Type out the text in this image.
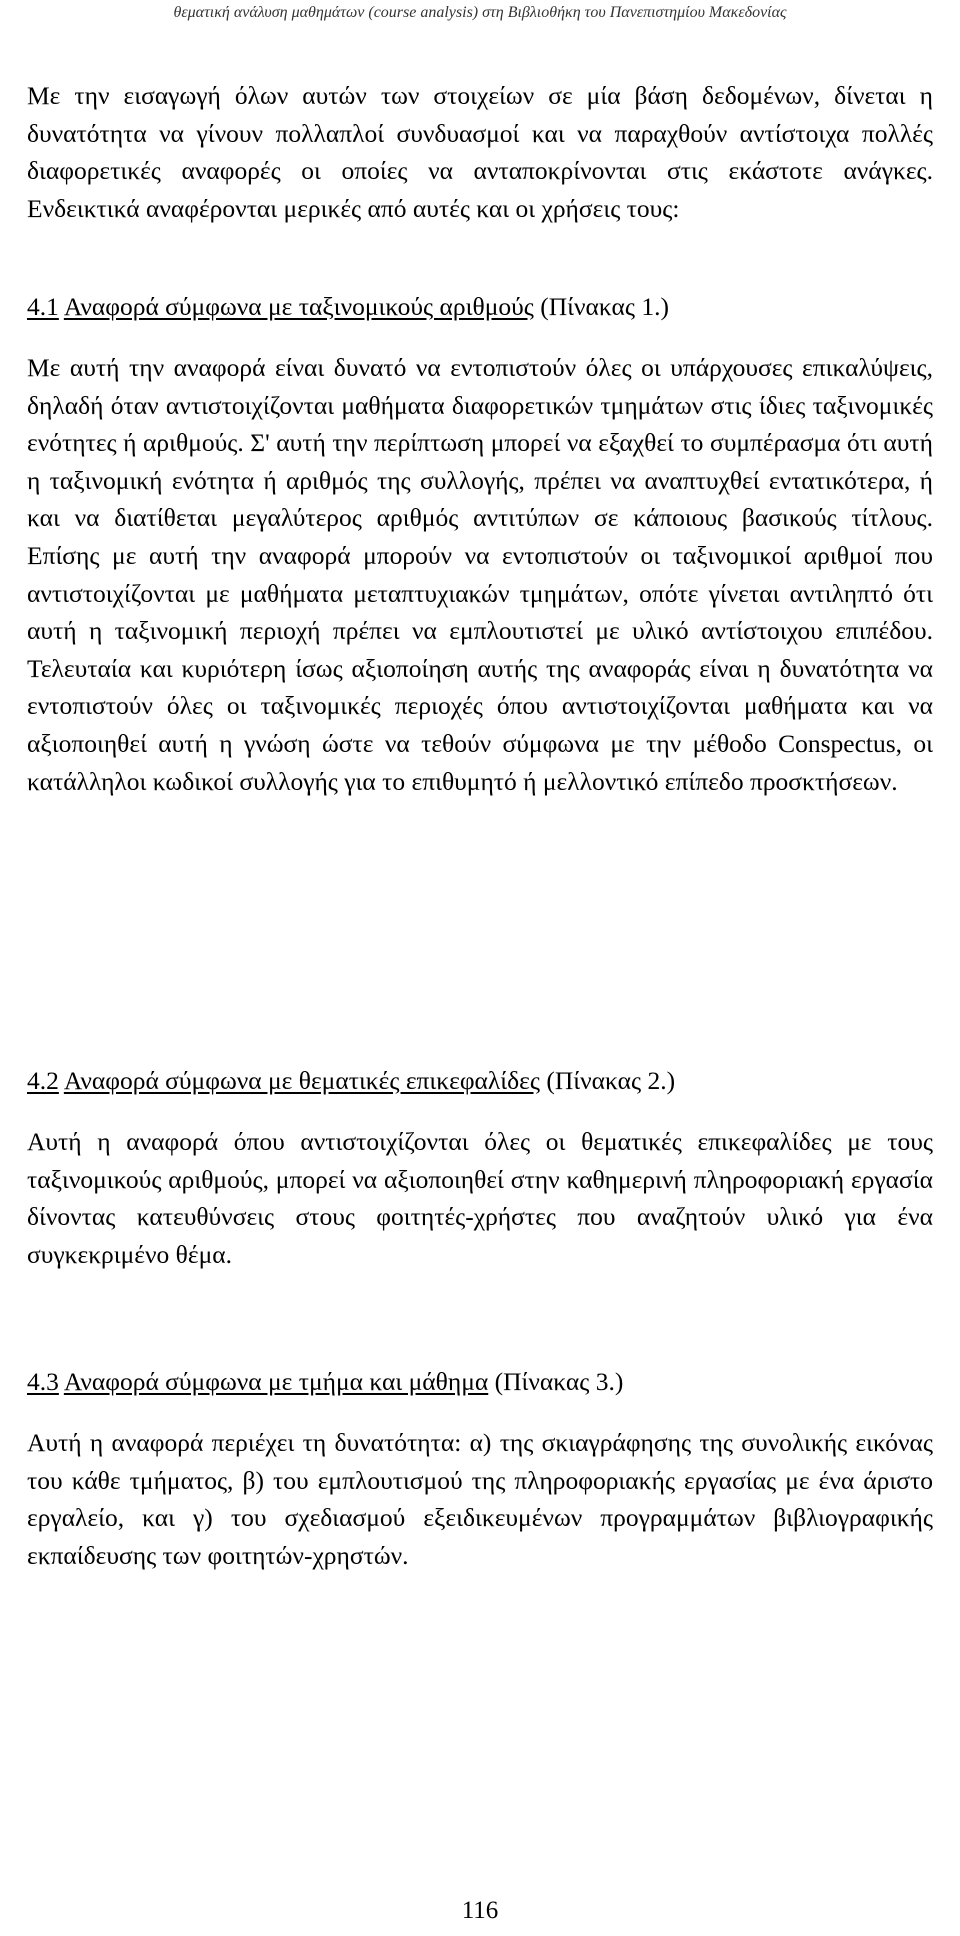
θεματική ανάλυση μαθημάτων (course analysis) στη Βιβλιοθήκη του Πανεπιστημίου Μακεδονίας

Με την εισαγωγή όλων αυτών των στοιχείων σε μία βάση δεδομένων, δίνεται η δυνατότητα να γίνουν πολλαπλοί συνδυασμοί και να παραχθούν αντίστοιχα πολλές διαφορετικές αναφορές οι οποίες να ανταποκρίνονται στις εκάστοτε ανάγκες. Ενδεικτικά αναφέρονται μερικές από αυτές και οι χρήσεις τους:

4.1 Αναφορά σύμφωνα με ταξινομικούς αριθμούς (Πίνακας 1.)

Με αυτή την αναφορά είναι δυνατό να εντοπιστούν όλες οι υπάρχουσες επικαλύψεις, δηλαδή όταν αντιστοιχίζονται μαθήματα διαφορετικών τμημάτων στις ίδιες ταξινομικές ενότητες ή αριθμούς. Σ' αυτή την περίπτωση μπορεί να εξαχθεί το συμπέρασμα ότι αυτή η ταξινομική ενότητα ή αριθμός της συλλογής, πρέπει να αναπτυχθεί εντατικότερα, ή και να διατίθεται μεγαλύτερος αριθμός αντιτύπων σε κάποιους βασικούς τίτλους. Επίσης με αυτή την αναφορά μπορούν να εντοπιστούν οι ταξινομικοί αριθμοί που αντιστοιχίζονται με μαθήματα μεταπτυχιακών τμημάτων, οπότε γίνεται αντιληπτό ότι αυτή η ταξινομική περιοχή πρέπει να εμπλουτιστεί με υλικό αντίστοιχου επιπέδου. Τελευταία και κυριότερη ίσως αξιοποίηση αυτής της αναφοράς είναι η δυνατότητα να εντοπιστούν όλες οι ταξινομικές περιοχές όπου αντιστοιχίζονται μαθήματα και να αξιοποιηθεί αυτή η γνώση ώστε να τεθούν σύμφωνα με την μέθοδο Conspectus, οι κατάλληλοι κωδικοί συλλογής για το επιθυμητό ή μελλοντικό επίπεδο προσκτήσεων.

4.2 Αναφορά σύμφωνα με θεματικές επικεφαλίδες (Πίνακας 2.)

Αυτή η αναφορά όπου αντιστοιχίζονται όλες οι θεματικές επικεφαλίδες με τους ταξινομικούς αριθμούς, μπορεί να αξιοποιηθεί στην καθημερινή πληροφοριακή εργασία δίνοντας κατευθύνσεις στους φοιτητές-χρήστες που αναζητούν υλικό για ένα συγκεκριμένο θέμα.

4.3 Αναφορά σύμφωνα με τμήμα και μάθημα (Πίνακας 3.)

Αυτή η αναφορά περιέχει τη δυνατότητα: α) της σκιαγράφησης της συνολικής εικόνας του κάθε τμήματος, β) του εμπλουτισμού της πληροφοριακής εργασίας με ένα άριστο εργαλείο, και γ) του σχεδιασμού εξειδικευμένων προγραμμάτων βιβλιογραφικής εκπαίδευσης των φοιτητών-χρηστών.

116
